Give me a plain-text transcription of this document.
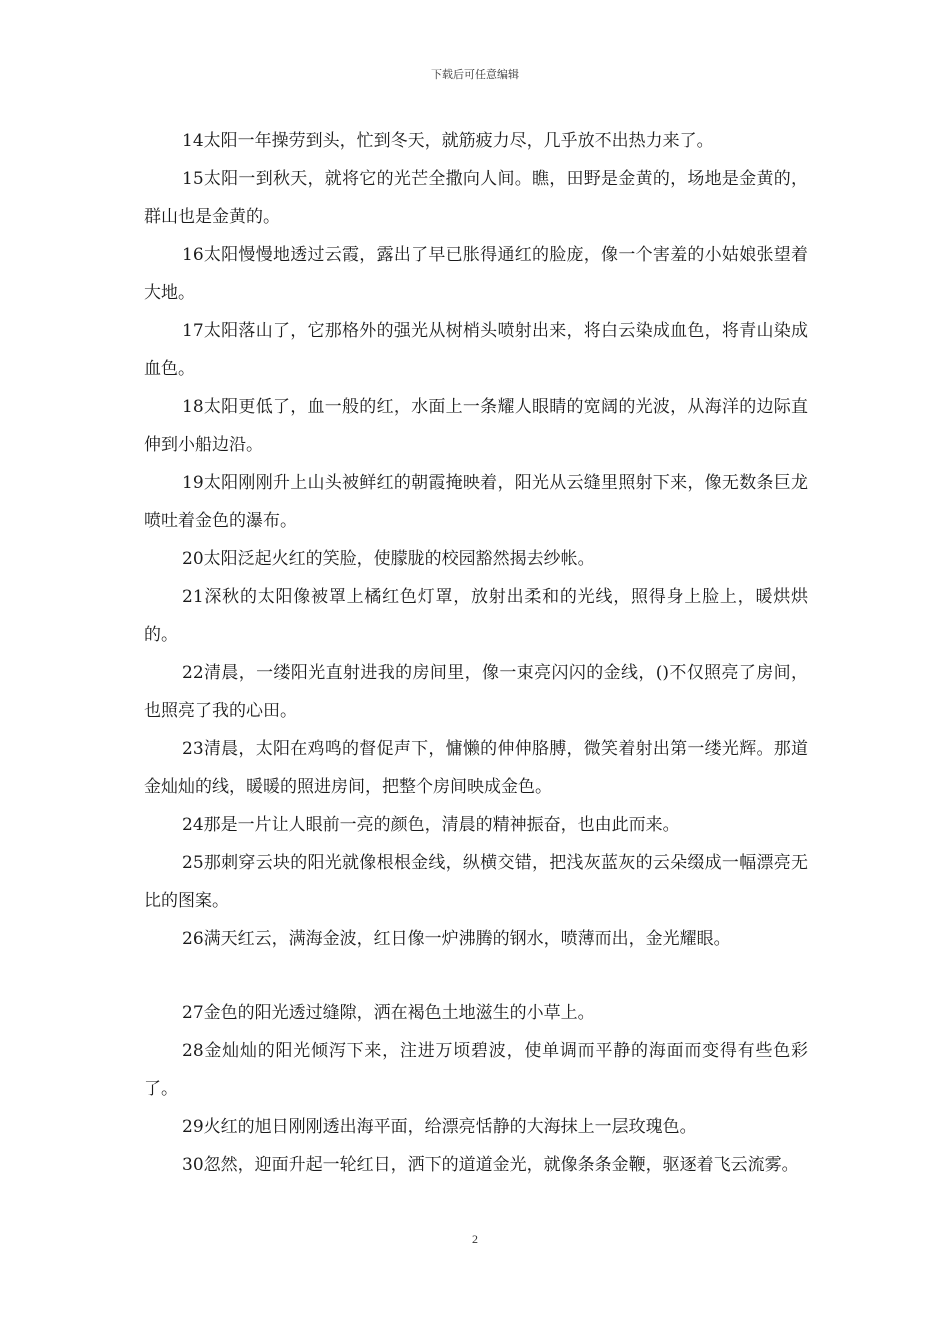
下载后可任意编辑

14太阳一年操劳到头，忙到冬天，就筋疲力尽，几乎放不出热力来了。

15太阳一到秋天，就将它的光芒全撒向人间。瞧，田野是金黄的，场地是金黄的，群山也是金黄的。

16太阳慢慢地透过云霞，露出了早已胀得通红的脸庞，像一个害羞的小姑娘张望着大地。

17太阳落山了，它那格外的强光从树梢头喷射出来，将白云染成血色，将青山染成血色。

18太阳更低了，血一般的红，水面上一条耀人眼睛的宽阔的光波，从海洋的边际直伸到小船边沿。

19太阳刚刚升上山头被鲜红的朝霞掩映着，阳光从云缝里照射下来，像无数条巨龙喷吐着金色的瀑布。

20太阳泛起火红的笑脸，使朦胧的校园豁然揭去纱帐。

21深秋的太阳像被罩上橘红色灯罩，放射出柔和的光线，照得身上脸上，暖烘烘的。

22清晨，一缕阳光直射进我的房间里，像一束亮闪闪的金线，()不仅照亮了房间，也照亮了我的心田。

23清晨，太阳在鸡鸣的督促声下，慵懒的伸伸胳膊，微笑着射出第一缕光辉。那道金灿灿的线，暖暖的照进房间，把整个房间映成金色。

24那是一片让人眼前一亮的颜色，清晨的精神振奋，也由此而来。

25那刺穿云块的阳光就像根根金线，纵横交错，把浅灰蓝灰的云朵缀成一幅漂亮无比的图案。

26满天红云，满海金波，红日像一炉沸腾的钢水，喷薄而出，金光耀眼。

27金色的阳光透过缝隙，洒在褐色土地滋生的小草上。

28金灿灿的阳光倾泻下来，注进万顷碧波，使单调而平静的海面而变得有些色彩了。

29火红的旭日刚刚透出海平面，给漂亮恬静的大海抹上一层玫瑰色。

30忽然，迎面升起一轮红日，洒下的道道金光，就像条条金鞭，驱逐着飞云流雾。

2
